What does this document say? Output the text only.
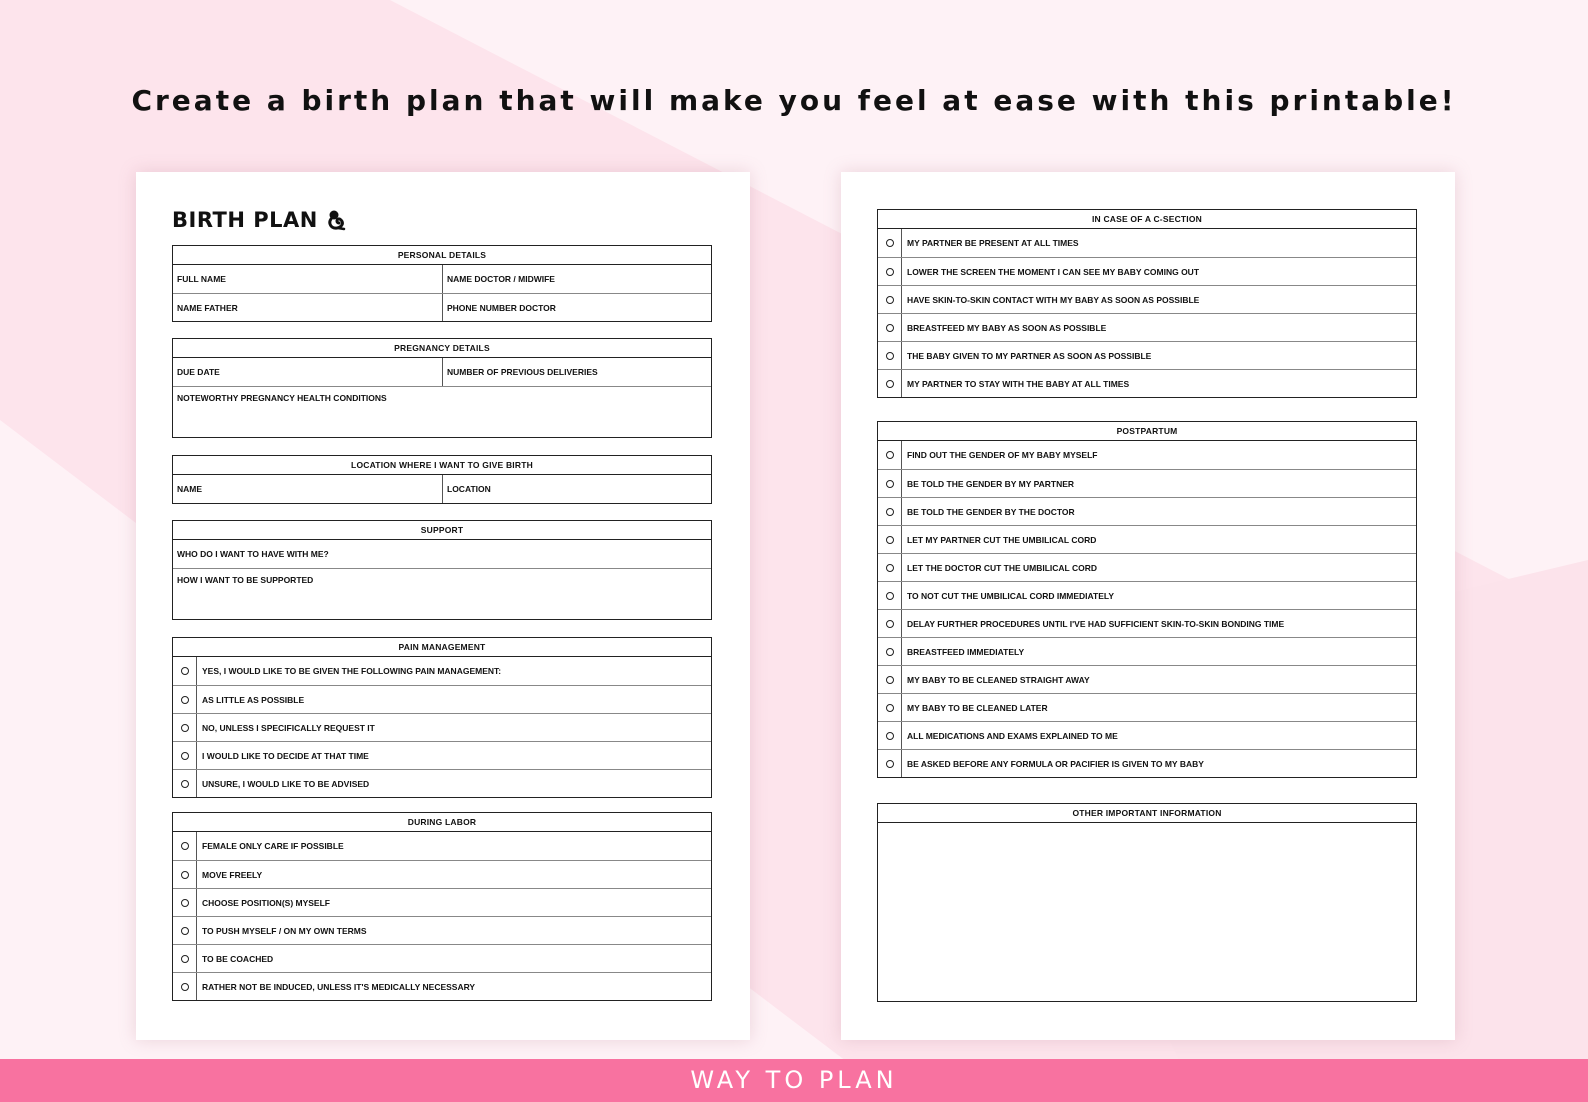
Create a birth plan that will make you feel at ease with this printable!
BIRTH PLAN
PERSONAL DETAILS
FULL NAME	NAME DOCTOR / MIDWIFE
NAME FATHER	PHONE NUMBER DOCTOR
PREGNANCY DETAILS
DUE DATE	NUMBER OF PREVIOUS DELIVERIES
NOTEWORTHY PREGNANCY HEALTH CONDITIONS
LOCATION WHERE I WANT TO GIVE BIRTH
NAME	LOCATION
SUPPORT
WHO DO I WANT TO HAVE WITH ME?
HOW I WANT TO BE SUPPORTED
PAIN MANAGEMENT
YES, I WOULD LIKE TO BE GIVEN THE FOLLOWING PAIN MANAGEMENT:
AS LITTLE AS POSSIBLE
NO, UNLESS I SPECIFICALLY REQUEST IT
I WOULD LIKE TO DECIDE AT THAT TIME
UNSURE, I WOULD LIKE TO BE ADVISED
DURING LABOR
FEMALE ONLY CARE IF POSSIBLE
MOVE FREELY
CHOOSE POSITION(S) MYSELF
TO PUSH MYSELF / ON MY OWN TERMS
TO BE COACHED
RATHER NOT BE INDUCED, UNLESS IT'S MEDICALLY NECESSARY
IN CASE OF A C-SECTION
MY PARTNER BE PRESENT AT ALL TIMES
LOWER THE SCREEN THE MOMENT I CAN SEE MY BABY COMING OUT
HAVE SKIN-TO-SKIN CONTACT WITH MY BABY AS SOON AS POSSIBLE
BREASTFEED MY BABY AS SOON AS POSSIBLE
THE BABY GIVEN TO MY PARTNER AS SOON AS POSSIBLE
MY PARTNER TO STAY WITH THE BABY AT ALL TIMES
POSTPARTUM
FIND OUT THE GENDER OF MY BABY MYSELF
BE TOLD THE GENDER BY MY PARTNER
BE TOLD THE GENDER BY THE DOCTOR
LET MY PARTNER CUT THE UMBILICAL CORD
LET THE DOCTOR CUT THE UMBILICAL CORD
TO NOT CUT THE UMBILICAL CORD IMMEDIATELY
DELAY FURTHER PROCEDURES UNTIL I'VE HAD SUFFICIENT SKIN-TO-SKIN BONDING TIME
BREASTFEED IMMEDIATELY
MY BABY TO BE CLEANED STRAIGHT AWAY
MY BABY TO BE CLEANED LATER
ALL MEDICATIONS AND EXAMS EXPLAINED TO ME
BE ASKED BEFORE ANY FORMULA OR PACIFIER IS GIVEN TO MY BABY
OTHER IMPORTANT INFORMATION
WAY TO PLAN
